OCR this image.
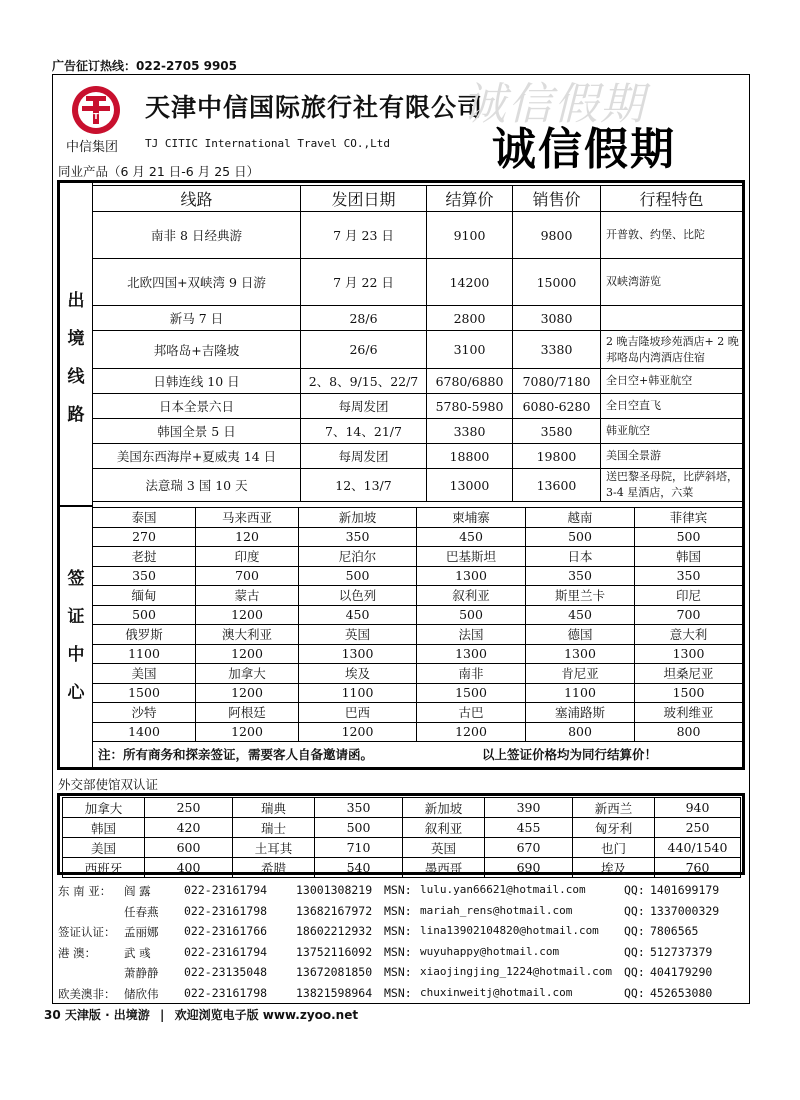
广告征订热线：022-2705 9905
CITIC
中信集团
天津中信国际旅行社有限公司
TJ CITIC International Travel CO.,Ltd
诚信假期
诚信假期
同业产品（6 月 21 日-6 月 25 日）
出
境
线
路
签
证
中
心
线路	发团日期	结算价	销售价	行程特色
南非 8 日经典游	7 月 23 日	9100	9800	开普敦、约堡、比陀
北欧四国+双峡湾 9 日游	7 月 22 日	14200	15000	双峡湾游览
新马 7 日	28/6	2800	3080	
邦咯岛+吉隆坡	26/6	3100	3380	2 晚吉隆坡珍苑酒店+ 2 晚邦咯岛内湾酒店住宿
日韩连线 10 日	2、8、9/15、22/7	6780/6880	7080/7180	全日空+韩亚航空
日本全景六日	每周发团	5780-5980	6080-6280	全日空直飞
韩国全景 5 日	7、14、21/7	3380	3580	韩亚航空
美国东西海岸+夏威夷 14 日	每周发团	18800	19800	美国全景游
法意瑞 3 国 10 天	12、13/7	13000	13600	送巴黎圣母院，比萨斜塔，3-4 星酒店，六菜
泰国	马来西亚	新加坡	柬埔寨	越南	菲律宾
270	120	350	450	500	500
老挝	印度	尼泊尔	巴基斯坦	日本	韩国
350	700	500	1300	350	350
缅甸	蒙古	以色列	叙利亚	斯里兰卡	印尼
500	1200	450	500	450	700
俄罗斯	澳大利亚	英国	法国	德国	意大利
1100	1200	1300	1300	1300	1300
美国	加拿大	埃及	南非	肯尼亚	坦桑尼亚
1500	1200	1100	1500	1100	1500
沙特	阿根廷	巴西	古巴	塞浦路斯	玻利维亚
1400	1200	1200	1200	800	800
注：所有商务和探亲签证，需要客人自备邀请函。	以上签证价格均为同行结算价！
外交部使馆双认证
加拿大	250	瑞典	350	新加坡	390	新西兰	940
韩国	420	瑞士	500	叙利亚	455	匈牙利	250
美国	600	土耳其	710	英国	670	也门	440/1540
西班牙	400	希腊	540	墨西哥	690	埃及	760
东 南 亚：	阎 露	022-23161794	13001308219 MSN: lulu.yan66621@hotmail.com	QQ: 1401699179
任春燕 022-23161798	13682167972 MSN: mariah_rens@hotmail.com	QQ: 1337000329
签证认证： 孟丽娜 022-23161766	18602212932 MSN: lina13902104820@hotmail.com QQ: 7806565
港 澳：	武 彧	022-23161794	13752116092 MSN: wuyuhappy@hotmail.com	QQ: 512737379
萧静静 022-23135048	13672081850 MSN: xiaojingjing_1224@hotmail.com QQ: 404179290
欧美澳非： 储欣伟 022-23161798	13821598964 MSN: chuxinweitj@hotmail.com	QQ: 452653080
30 天津版 · 出境游 | 欢迎浏览电子版 www.zyoo.net
